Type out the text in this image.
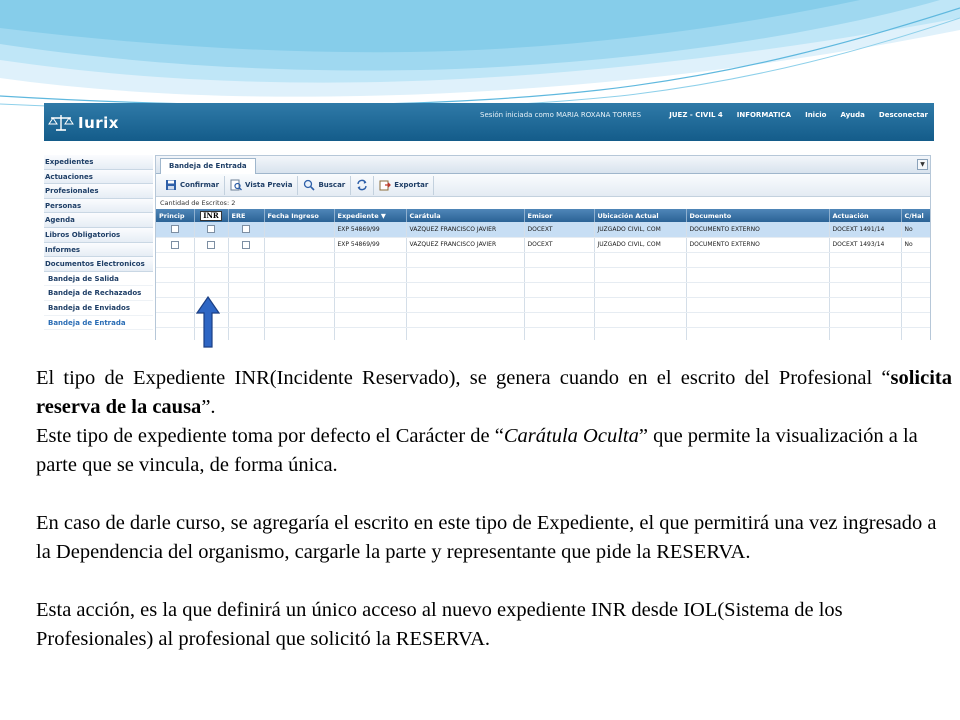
Iurix	Sesión iniciada como MARIA ROXANA TORRES	JUEZ - CIVIL 4 INFORMATICA Inicio Ayuda Desconectar
Expedientes
Actuaciones
Profesionales
Personas
Agenda
Libros Obligatorios
Informes
Documentos Electronicos
Bandeja de Salida
Bandeja de Rechazados
Bandeja de Enviados
Bandeja de Entrada
Bandeja de Entrada	▼
Confirmar	Vista Previa	Buscar	Exportar
Cantidad de Escritos: 2
Princip	INR	ERE	Fecha Ingreso	Expediente ▼	Carátula	Emisor	Ubicación Actual	Documento	Actuación	C/Hal
				EXP 54869/99	VAZQUEZ FRANCISCO JAVIER	DOCEXT	JUZGADO CIVIL, COM	DOCUMENTO EXTERNO	DOCEXT 1491/14	No
				EXP 54869/99	VAZQUEZ FRANCISCO JAVIER	DOCEXT	JUZGADO CIVIL, COM	DOCUMENTO EXTERNO	DOCEXT 1493/14	No

El tipo de Expediente INR(Incidente Reservado), se genera cuando en el escrito del Profesional “solicita reserva de la causa”.

Este tipo de expediente toma por defecto el Carácter de “Carátula Oculta” que permite la visualización a la parte que se vincula, de forma única.

En caso de darle curso, se agregaría el escrito en este tipo de Expediente, el que permitirá una vez ingresado a la Dependencia del organismo, cargarle la parte y representante que pide la RESERVA.

Esta acción, es la que definirá un único acceso al nuevo expediente INR desde IOL(Sistema de los Profesionales) al profesional que solicitó la RESERVA.
